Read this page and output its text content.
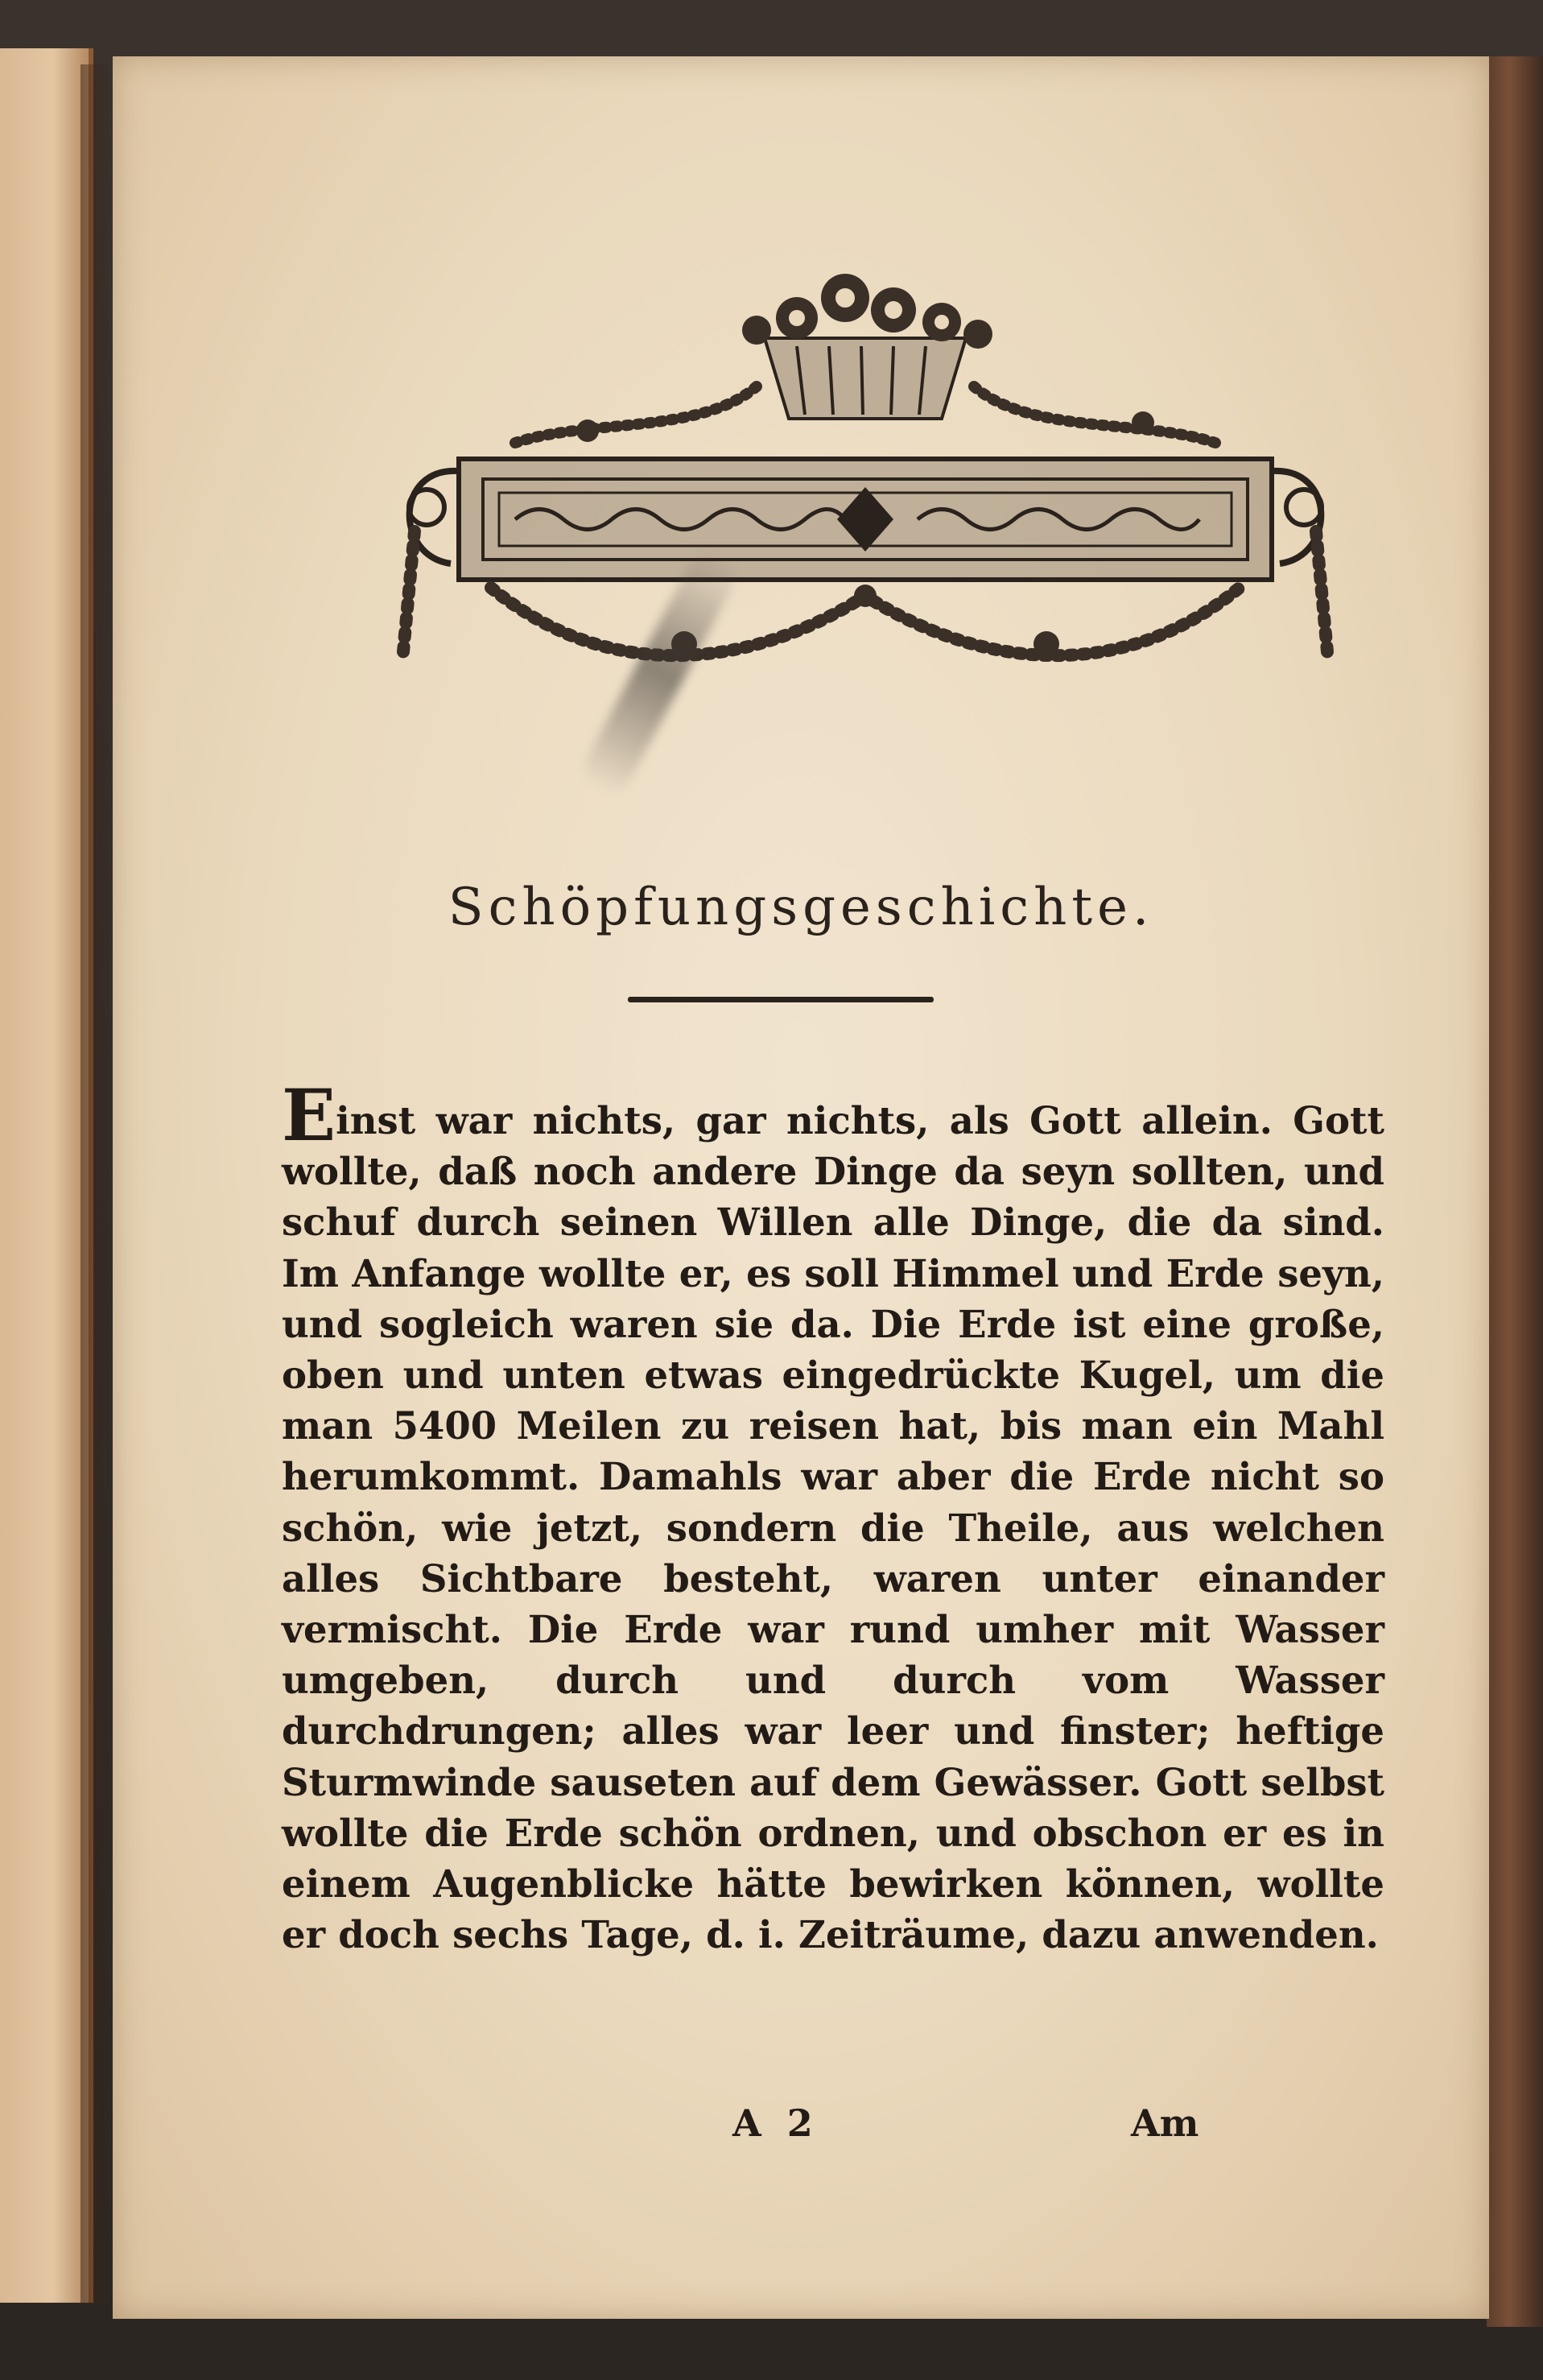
Schöpfungsgeschichte.
Einst war nichts, gar nichts, als Gott allein. Gott wollte, daß noch andere Dinge da seyn sollten, und schuf durch seinen Willen alle Dinge, die da sind. Im Anfange wollte er, es soll Himmel und Erde seyn, und sogleich waren sie da. Die Erde ist eine große, oben und unten etwas eingedrückte Kugel, um die man 5400 Meilen zu reisen hat, bis man ein Mahl herumkommt. Damahls war aber die Erde nicht so schön, wie jetzt, sondern die Theile, aus welchen alles Sichtbare besteht, waren unter einander vermischt. Die Erde war rund umher mit Wasser umgeben, durch und durch vom Wasser durchdrungen; alles war leer und finster; heftige Sturmwinde sauseten auf dem Gewässer. Gott selbst wollte die Erde schön ordnen, und obschon er es in einem Augenblicke hätte bewirken können, wollte er doch sechs Tage, d. i. Zeiträume, dazu anwenden.
A 2	Am
